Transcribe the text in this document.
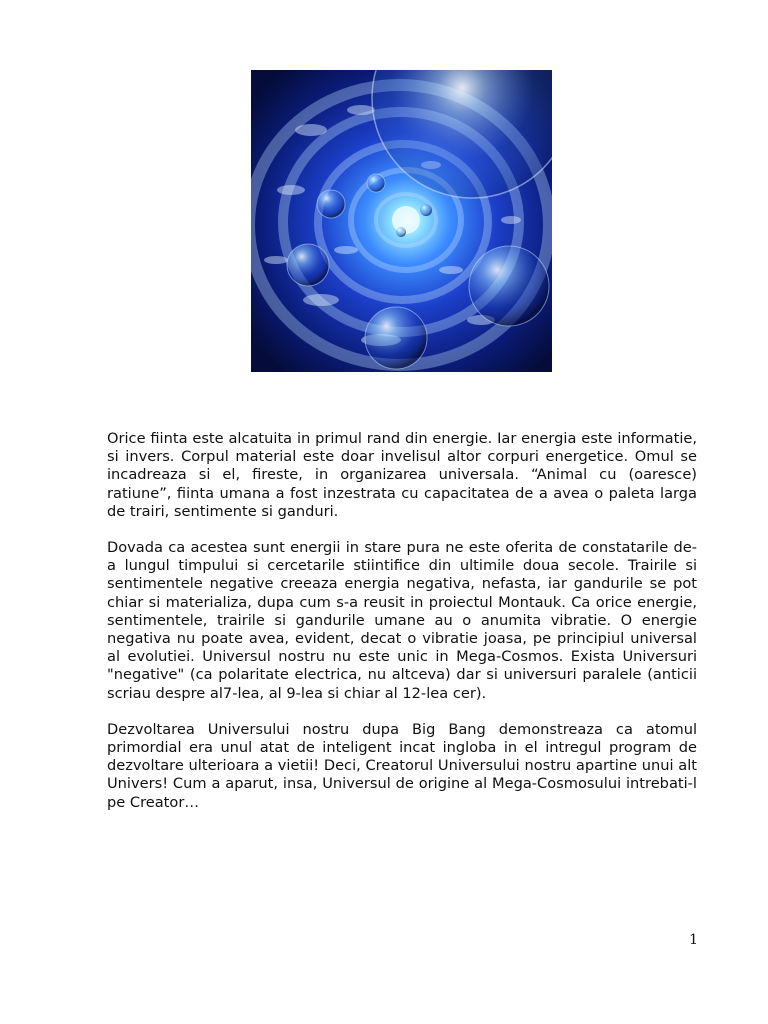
Orice fiinta este alcatuita in primul rand din energie. Iar energia este informatie, si invers. Corpul material este doar invelisul altor corpuri energetice. Omul se incadreaza si el, fireste, in organizarea universala. “Animal cu (oaresce) ratiune”, fiinta umana a fost inzestrata cu capacitatea de a avea o paleta larga de trairi, sentimente si ganduri.

Dovada ca acestea sunt energii in stare pura ne este oferita de constatarile de-a lungul timpului si cercetarile stiintifice din ultimile doua secole. Trairile si sentimentele negative creeaza energia negativa, nefasta, iar gandurile se pot chiar si materializa, dupa cum s-a reusit in proiectul Montauk. Ca orice energie, sentimentele, trairile si gandurile umane au o anumita vibratie. O energie negativa nu poate avea, evident, decat o vibratie joasa, pe principiul universal al evolutiei. Universul nostru nu este unic in Mega-Cosmos. Exista Universuri "negative" (ca polaritate electrica, nu altceva) dar si universuri paralele (anticii scriau despre al7-lea, al 9-lea si chiar al 12-lea cer).

Dezvoltarea Universului nostru dupa Big Bang demonstreaza ca atomul primordial era unul atat de inteligent incat ingloba in el intregul program de dezvoltare ulterioara a vietii! Deci, Creatorul Universului nostru apartine unui alt Univers! Cum a aparut, insa, Universul de origine al Mega-Cosmosului intrebati-l pe Creator…

1
